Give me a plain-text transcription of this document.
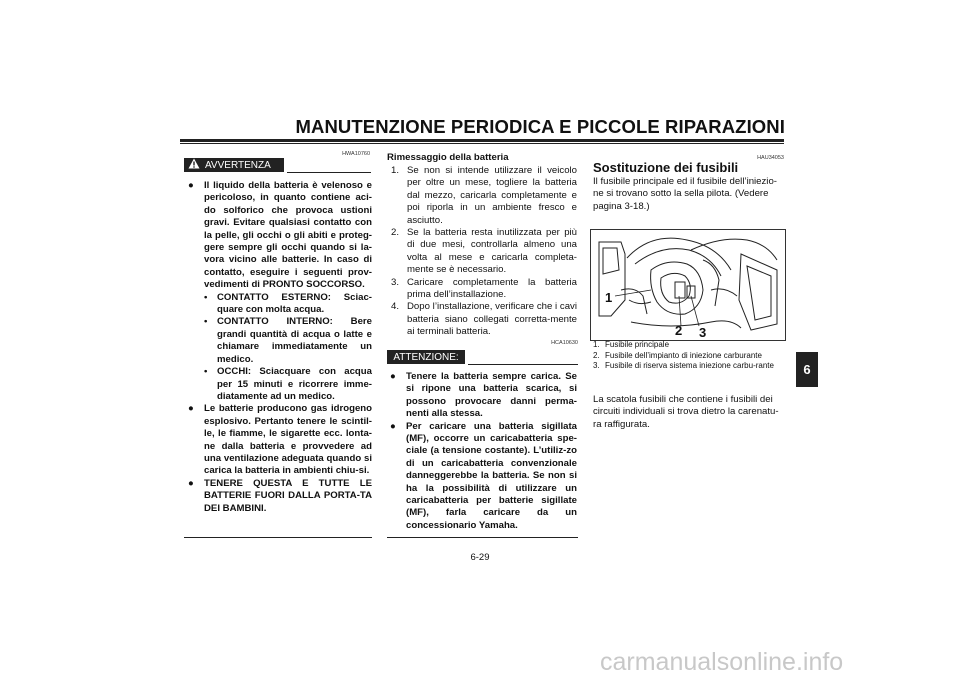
MANUTENZIONE PERIODICA E PICCOLE RIPARAZIONI
6
HWA10760
AVVERTENZA
● Il liquido della batteria è velenoso e pericoloso, in quanto contiene aci-do solforico che provoca ustioni gravi. Evitare qualsiasi contatto con la pelle, gli occhi o gli abiti e proteg-gere sempre gli occhi quando si la-vora vicino alle batterie. In caso di contatto, eseguire i seguenti prov-vedimenti di PRONTO SOCCORSO.
• CONTATTO ESTERNO: Sciac-quare con molta acqua.
• CONTATTO INTERNO: Bere grandi quantità di acqua o latte e chiamare immediatamente un medico.
• OCCHI: Sciacquare con acqua per 15 minuti e ricorrere imme-diatamente ad un medico.
● Le batterie producono gas idrogeno esplosivo. Pertanto tenere le scintil-le, le fiamme, le sigarette ecc. lonta-ne dalla batteria e provvedere ad una ventilazione adeguata quando si carica la batteria in ambienti chiu-si.
● TENERE QUESTA E TUTTE LE BATTERIE FUORI DALLA PORTA-TA DEI BAMBINI.
Rimessaggio della batteria
1. Se non si intende utilizzare il veicolo per oltre un mese, togliere la batteria dal mezzo, caricarla completamente e poi riporla in un ambiente fresco e asciutto.
2. Se la batteria resta inutilizzata per più di due mesi, controllarla almeno una volta al mese e caricarla completa-mente se è necessario.
3. Caricare completamente la batteria prima dell’installazione.
4. Dopo l’installazione, verificare che i cavi batteria siano collegati corretta-mente ai terminali batteria.
HCA10630
ATTENZIONE:
● Tenere la batteria sempre carica. Se si ripone una batteria scarica, si possono provocare danni perma-nenti alla stessa.
● Per caricare una batteria sigillata (MF), occorre un caricabatteria spe-ciale (a tensione costante). L’utiliz-zo di un caricabatteria convenzionale danneggerebbe la batteria. Se non si ha la possibilità di utilizzare un caricabatteria per batterie sigillate (MF), farla caricare da un concessionario Yamaha.
HAU34053
Sostituzione dei fusibili
Il fusibile principale ed il fusibile dell’iniezio-ne si trovano sotto la sella pilota. (Vedere pagina 3-18.)
1
2 3
1. Fusibile principale
2. Fusibile dell’impianto di iniezione carburante
3. Fusibile di riserva sistema iniezione carbu-rante
La scatola fusibili che contiene i fusibili dei circuiti individuali si trova dietro la carenatu-ra raffigurata.
6-29
carmanualsonline.info
